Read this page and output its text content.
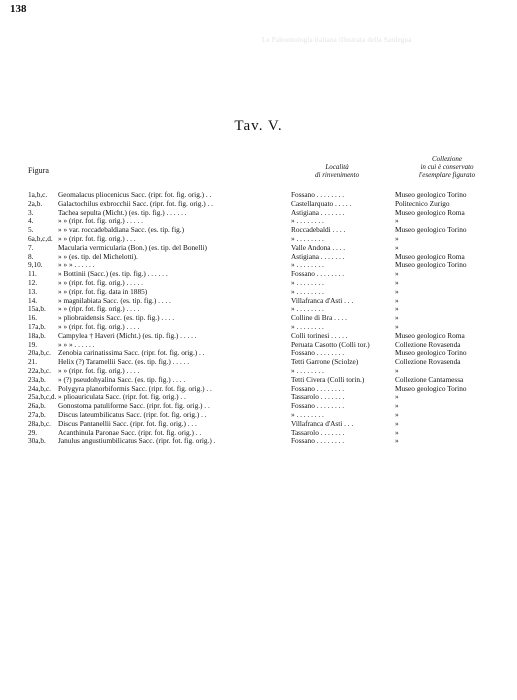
138
Le Paleontologia italiana illustrata della Sardegna
Tav. V.
Figura	Località
di rinvenimento
Collezione
in cui è conservato
l'esemplare figurato
1a,b,c. Geomalacus pliocenicus Sacc. (ripr. fot. fig. orig.) . .	Fossano . . . . . . . .	Museo geologico Torino
2a,b. Galactochilus exbrocchii Sacc. (ripr. fot. fig. orig.) . .	Castellarquato . . . . .	Politecnico Zurigo
3.	Tachea sepulta (Micht.) (es. tip. fig.) . . . . . .	Astigiana . . . . . . .	Museo geologico Roma
4.	» » (ripr. fot. fig. orig.) . . . . .	» . . . . . . . .	»
5.	» » var. roccadebaldiana Sacc. (es. tip. fig.)	Roccadebaldi . . . .	Museo geologico Torino
6a,b,c,d. » » (ripr. fot. fig. orig.) . . .	» . . . . . . . .	»
7.	Macularia vermicularia (Bon.) (es. tip. del Bonelli)	Valle Andona . . . .	»
8.	» » (es. tip. del Michelotti).	Astigiana . . . . . . .	Museo geologico Roma
9,10. » » » . . . . . .	» . . . . . . . .	Museo geologico Torino
11.	» Bottinii (Sacc.) (es. tip. fig.) . . . . . .	Fossano . . . . . . . .	»
12.	» » (ripr. fot. fig. orig.) . . . . .	» . . . . . . . .	»
13.	» » (ripr. fot. fig. data in 1885)	» . . . . . . . .	»
14.	» magnilabiata Sacc. (es. tip. fig.) . . . .	Villafranca d'Asti . . .	»
15a,b. » » (ripr. fot. fig. orig.) . . . .	» . . . . . . . .	»
16.	» pliobraidensis Sacc. (es. tip. fig.) . . . .	Colline di Bra . . . .	»
17a,b. » » (ripr. fot. fig. orig.) . . . .	» . . . . . . . .	»
18a,b. Campylea † Haveri (Micht.) (es. tip. fig.) . . . . .	Colli torinesi . . . . .	Museo geologico Roma
19.	» » » . . . . . .	Peruata Casotto (Colli tor.)	Collezione Rovasenda
20a,b,c. Zenobia carinatissima Sacc. (ripr. fot. fig. orig.) . .	Fossano . . . . . . . .	Museo geologico Torino
21.	Helix (?) Taramellii Sacc. (es. tip. fig.) . . . . .	Tetti Garrone (Sciolze)	Collezione Rovasenda
22a,b,c. » » (ripr. fot. fig. orig.) . . . .	» . . . . . . . .	»
23a,b. » (?) pseudohyalina Sacc. (es. tip. fig.) . . . .	Tetti Civera (Colli torin.)	Collezione Cantamessa
24a,b,c. Polygyra planorbiformis Sacc. (ripr. fot. fig. orig.) . .	Fossano . . . . . . . .	Museo geologico Torino
25a,b,c,d. » plioauriculata Sacc. (ripr. fot. fig. orig.) . .	Tassarolo . . . . . . .	»
26a,b. Gonostoma patuliforme Sacc. (ripr. fot. fig. orig.) . .	Fossano . . . . . . . .	»
27a,b. Discus lateumbilicatus Sacc. (ripr. fot. fig. orig.) . .	» . . . . . . . .	»
28a,b,c. Discus Pantanellii Sacc. (ripr. fot. fig. orig.) . . .	Villafranca d'Asti . . .	»
29.	Acanthinula Paronae Sacc. (ripr. fot. fig. orig.) . .	Tassarolo . . . . . . .	»
30a,b. Janulus angustiumbilicatus Sacc. (ripr. fot. fig. orig.) .	Fossano . . . . . . . .	»
